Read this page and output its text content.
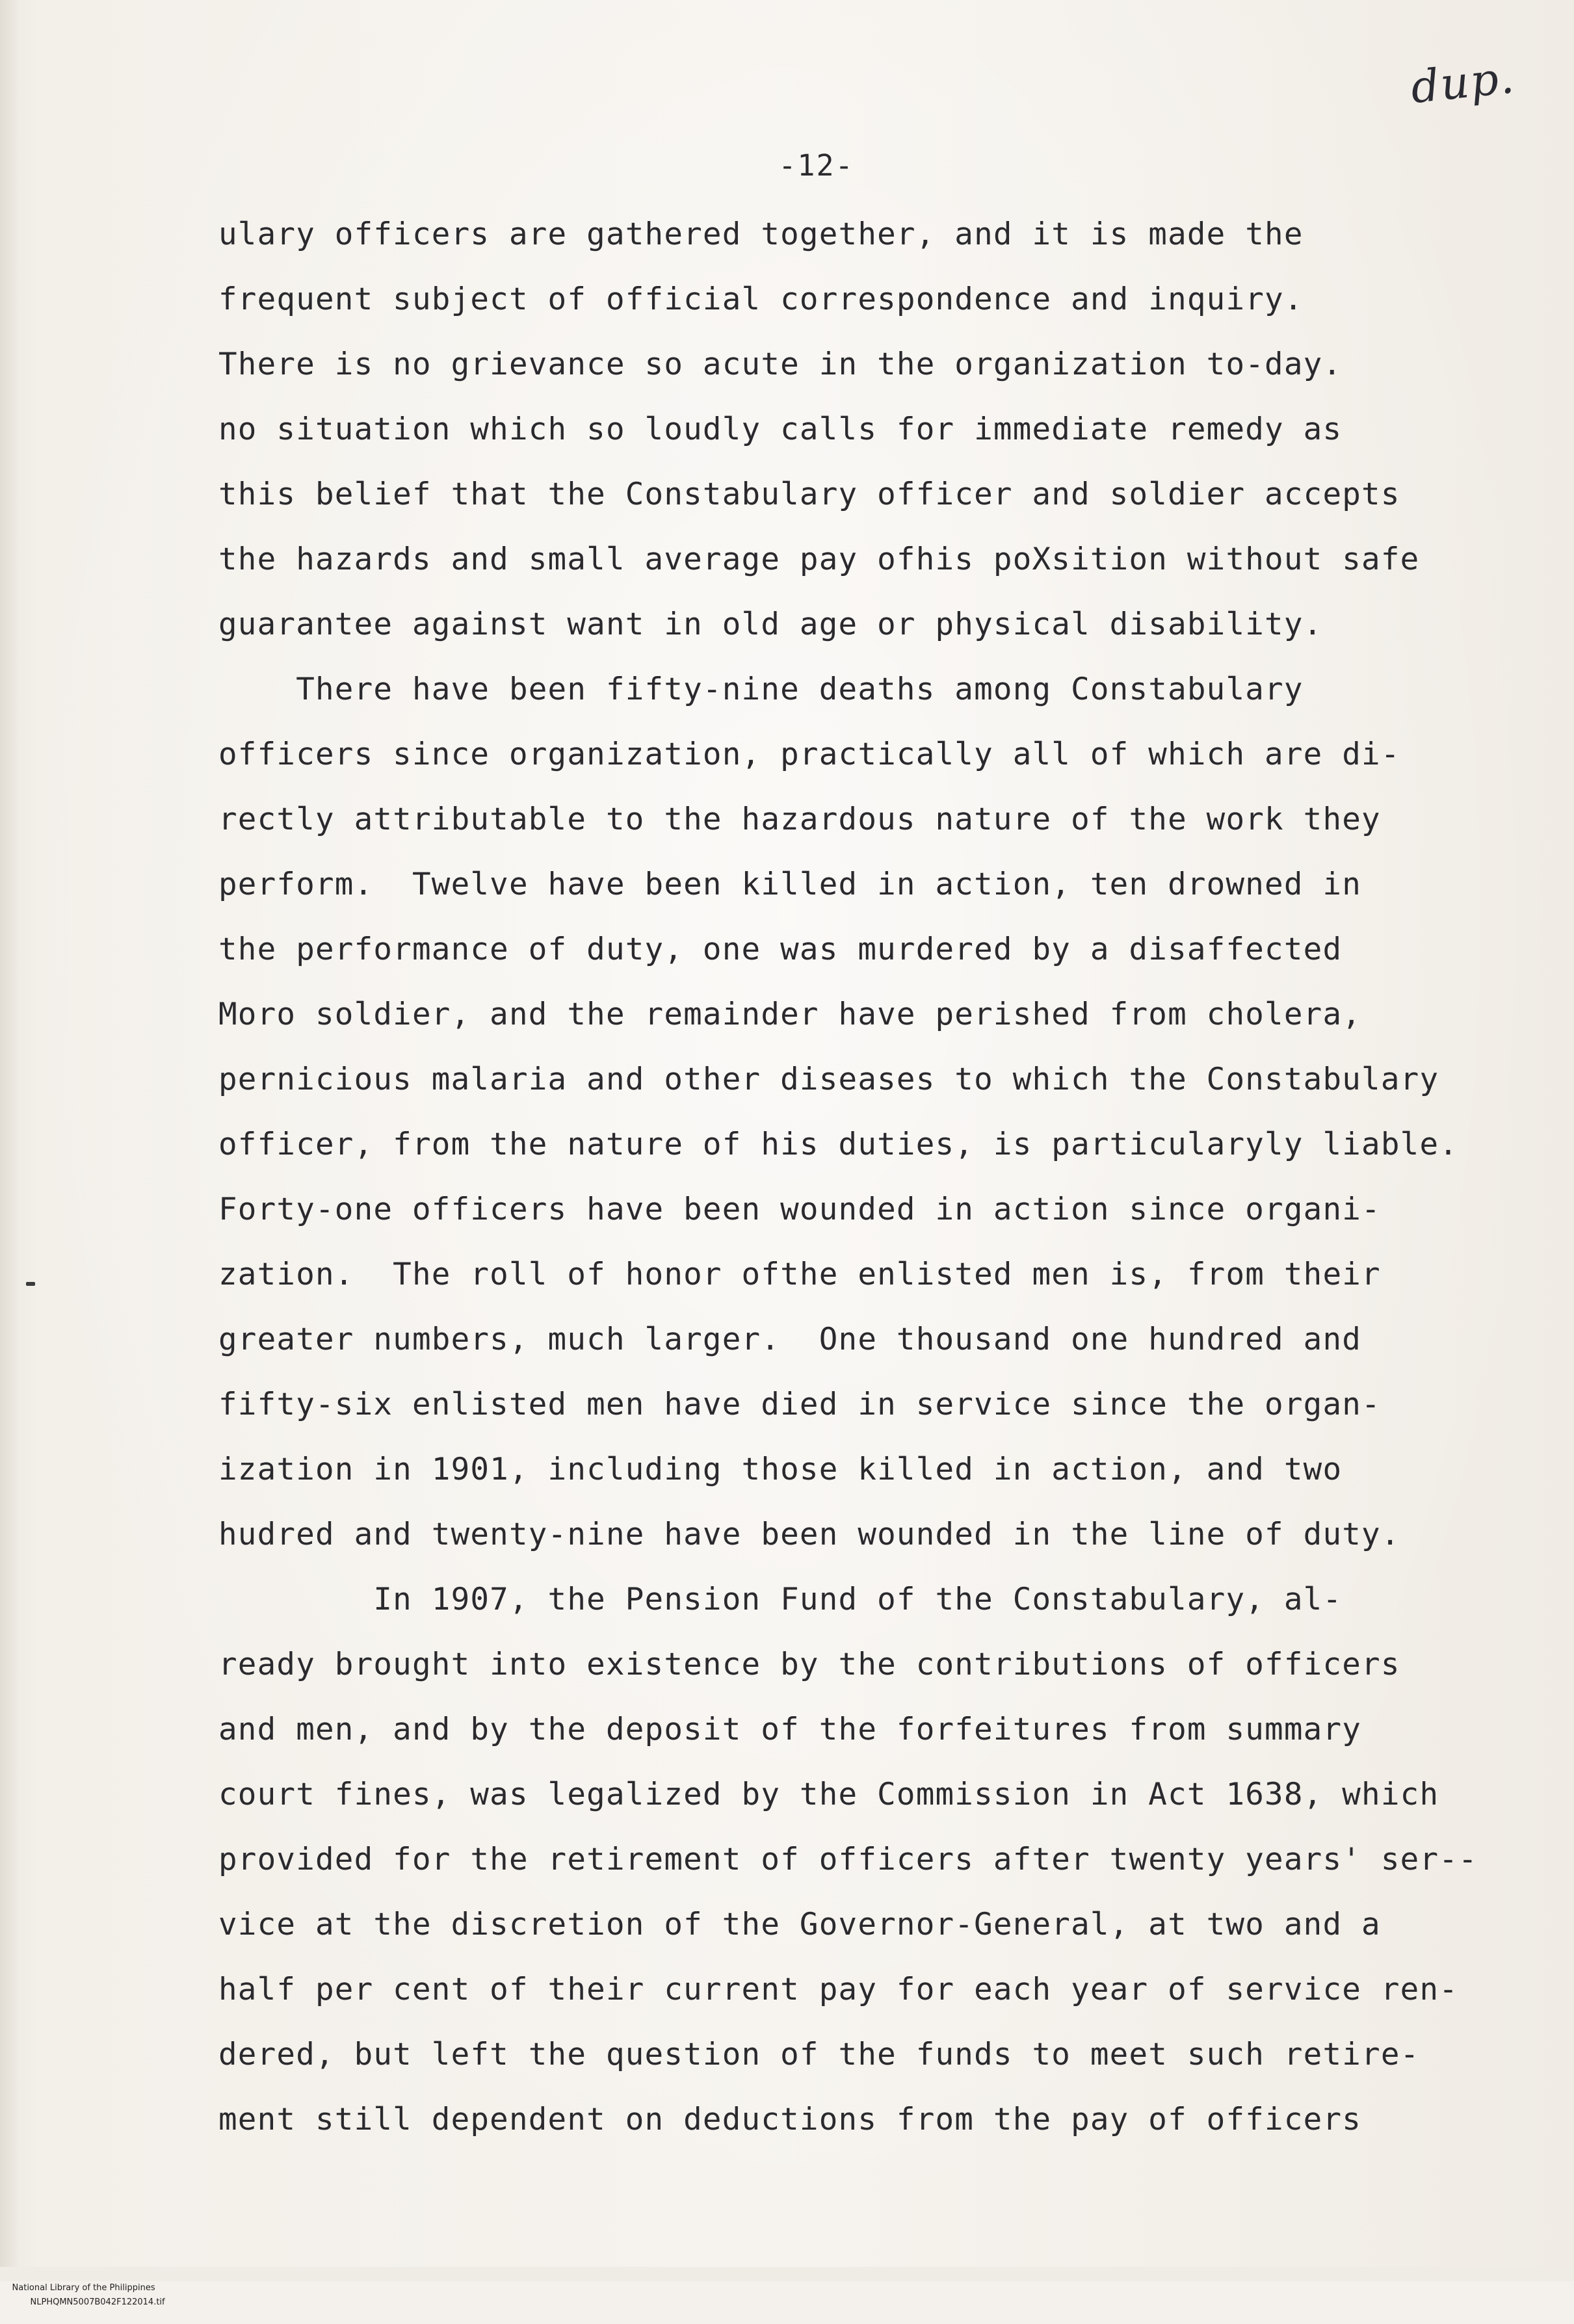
dup.
-12-
ulary officers are gathered together, and it is made the
frequent subject of official correspondence and inquiry.
There is no grievance so acute in the organization to-day.
no situation which so loudly calls for immediate remedy as
this belief that the Constabulary officer and soldier accepts
the hazards and small average pay ofhis poXsition without safe
guarantee against want in old age or physical disability.
There have been fifty-nine deaths among Constabulary
officers since organization, practically all of which are di-
rectly attributable to the hazardous nature of the work they
perform.  Twelve have been killed in action, ten drowned in
the performance of duty, one was murdered by a disaffected
Moro soldier, and the remainder have perished from cholera,
pernicious malaria and other diseases to which the Constabulary
officer, from the nature of his duties, is particularyly liable.
Forty-one officers have been wounded in action since organi-
zation.  The roll of honor ofthe enlisted men is, from their
greater numbers, much larger.  One thousand one hundred and
fifty-six enlisted men have died in service since the organ-
ization in 1901, including those killed in action, and two
hudred and twenty-nine have been wounded in the line of duty.
In 1907, the Pension Fund of the Constabulary, al-
ready brought into existence by the contributions of officers
and men, and by the deposit of the forfeitures from summary
court fines, was legalized by the Commission in Act 1638, which
provided for the retirement of officers after twenty years' ser--
vice at the discretion of the Governor-General, at two and a
half per cent of their current pay for each year of service ren-
dered, but left the question of the funds to meet such retire-
ment still dependent on deductions from the pay of officers

National Library of the Philippines
NLPHQMN5007B042F122014.tif
